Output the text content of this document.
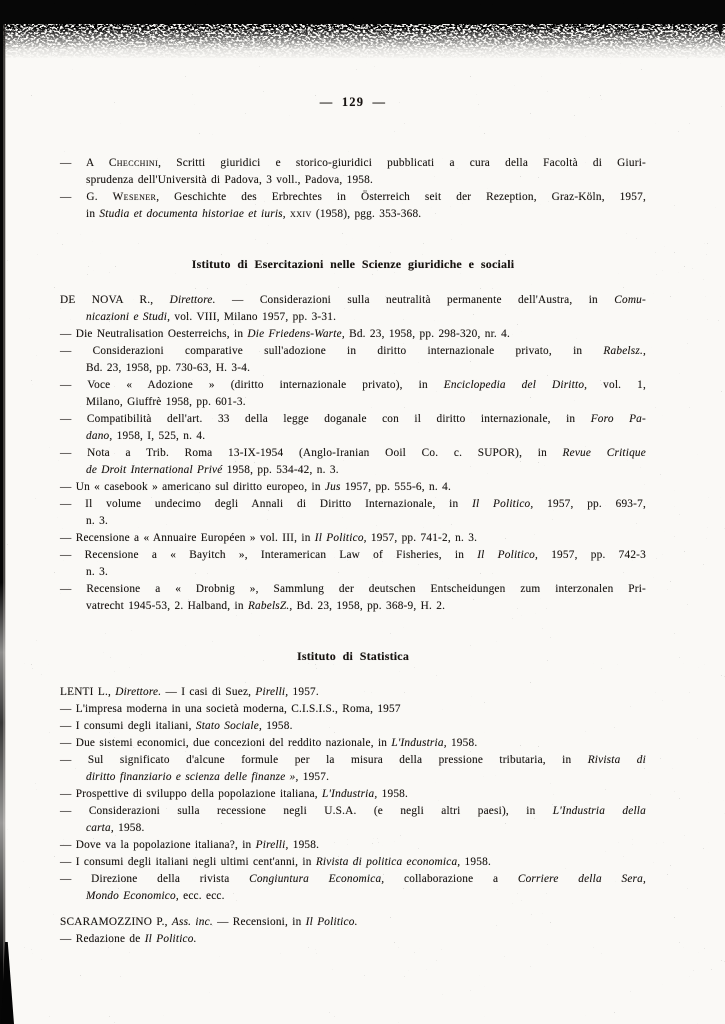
— 129 —
— A Checchini, Scritti giuridici e storico-giuridici pubblicati a cura della Facoltà di Giuri-
sprudenza dell'Università di Padova, 3 voll., Padova, 1958.
— G. Wesener, Geschichte des Erbrechtes in Österreich seit der Rezeption, Graz-Köln, 1957,
in Studia et documenta historiae et iuris, xxiv (1958), pgg. 353-368.
Istituto di Esercitazioni nelle Scienze giuridiche e sociali
DE NOVA R., Direttore. — Considerazioni sulla neutralità permanente dell'Austra, in Comu-
nicazioni e Studi, vol. VIII, Milano 1957, pp. 3-31.
— Die Neutralisation Oesterreichs, in Die Friedens-Warte, Bd. 23, 1958, pp. 298-320, nr. 4.
— Considerazioni comparative sull'adozione in diritto internazionale privato, in Rabelsz.,
Bd. 23, 1958, pp. 730-63, H. 3-4.
— Voce « Adozione » (diritto internazionale privato), in Enciclopedia del Diritto, vol. 1,
Milano, Giuffrè 1958, pp. 601-3.
— Compatibilità dell'art. 33 della legge doganale con il diritto internazionale, in Foro Pa-
dano, 1958, I, 525, n. 4.
— Nota a Trib. Roma 13-IX-1954 (Anglo-Iranian Ooil Co. c. SUPOR), in Revue Critique
de Droit International Privé 1958, pp. 534-42, n. 3.
— Un « casebook » americano sul diritto europeo, in Jus 1957, pp. 555-6, n. 4.
— Il volume undecimo degli Annali di Diritto Internazionale, in Il Politico, 1957, pp. 693-7,
n. 3.
— Recensione a « Annuaire Européen » vol. III, in Il Politico, 1957, pp. 741-2, n. 3.
— Recensione a « Bayitch », Interamerican Law of Fisheries, in Il Politico, 1957, pp. 742-3
n. 3.
— Recensione a « Drobnig », Sammlung der deutschen Entscheidungen zum interzonalen Pri-
vatrecht 1945-53, 2. Halband, in RabelsZ., Bd. 23, 1958, pp. 368-9, H. 2.
Istituto di Statistica
LENTI L., Direttore. — I casi di Suez, Pirelli, 1957.
— L'impresa moderna in una società moderna, C.I.S.I.S., Roma, 1957
— I consumi degli italiani, Stato Sociale, 1958.
— Due sistemi economici, due concezioni del reddito nazionale, in L'Industria, 1958.
— Sul significato d'alcune formule per la misura della pressione tributaria, in Rivista di
diritto finanziario e scienza delle finanze », 1957.
— Prospettive di sviluppo della popolazione italiana, L'Industria, 1958.
— Considerazioni sulla recessione negli U.S.A. (e negli altri paesi), in L'Industria della
carta, 1958.
— Dove va la popolazione italiana?, in Pirelli, 1958.
— I consumi degli italiani negli ultimi cent'anni, in Rivista di politica economica, 1958.
— Direzione della rivista Congiuntura Economica, collaborazione a Corriere della Sera,
Mondo Economico, ecc. ecc.
SCARAMOZZINO P., Ass. inc. — Recensioni, in Il Politico.
— Redazione de Il Politico.
